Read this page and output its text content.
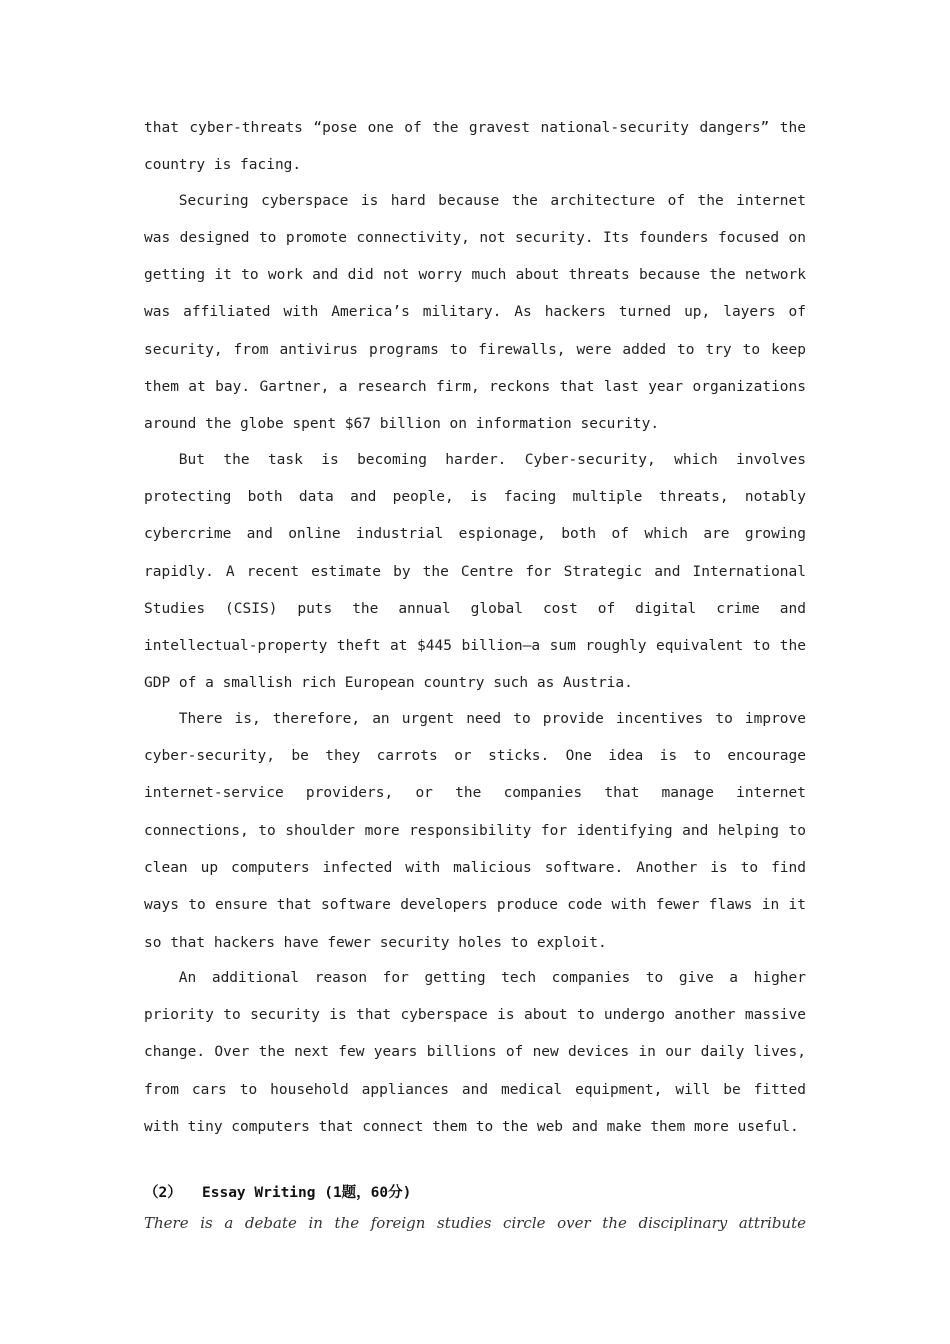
that cyber-threats “pose one of the gravest national-security dangers” the country is facing.

Securing cyberspace is hard because the architecture of the internet was designed to promote connectivity, not security. Its founders focused on getting it to work and did not worry much about threats because the network was affiliated with America’s military. As hackers turned up, layers of security, from antivirus programs to firewalls, were added to try to keep them at bay. Gartner, a research firm, reckons that last year organizations around the globe spent $67 billion on information security.

But the task is becoming harder. Cyber-security, which involves protecting both data and people, is facing multiple threats, notably cybercrime and online industrial espionage, both of which are growing rapidly. A recent estimate by the Centre for Strategic and International Studies (CSIS) puts the annual global cost of digital crime and intellectual-property theft at $445 billion—a sum roughly equivalent to the GDP of a smallish rich European country such as Austria.

There is, therefore, an urgent need to provide incentives to improve cyber-security, be they carrots or sticks. One idea is to encourage internet-service providers, or the companies that manage internet connections, to shoulder more responsibility for identifying and helping to clean up computers infected with malicious software. Another is to find ways to ensure that software developers produce code with fewer flaws in it so that hackers have fewer security holes to exploit.

An additional reason for getting tech companies to give a higher priority to security is that cyberspace is about to undergo another massive change. Over the next few years billions of new devices in our daily lives, from cars to household appliances and medical equipment, will be fitted with tiny computers that connect them to the web and make them more useful.

（2） Essay Writing (1题，60分)
There is a debate in the foreign studies circle over the disciplinary attribute
